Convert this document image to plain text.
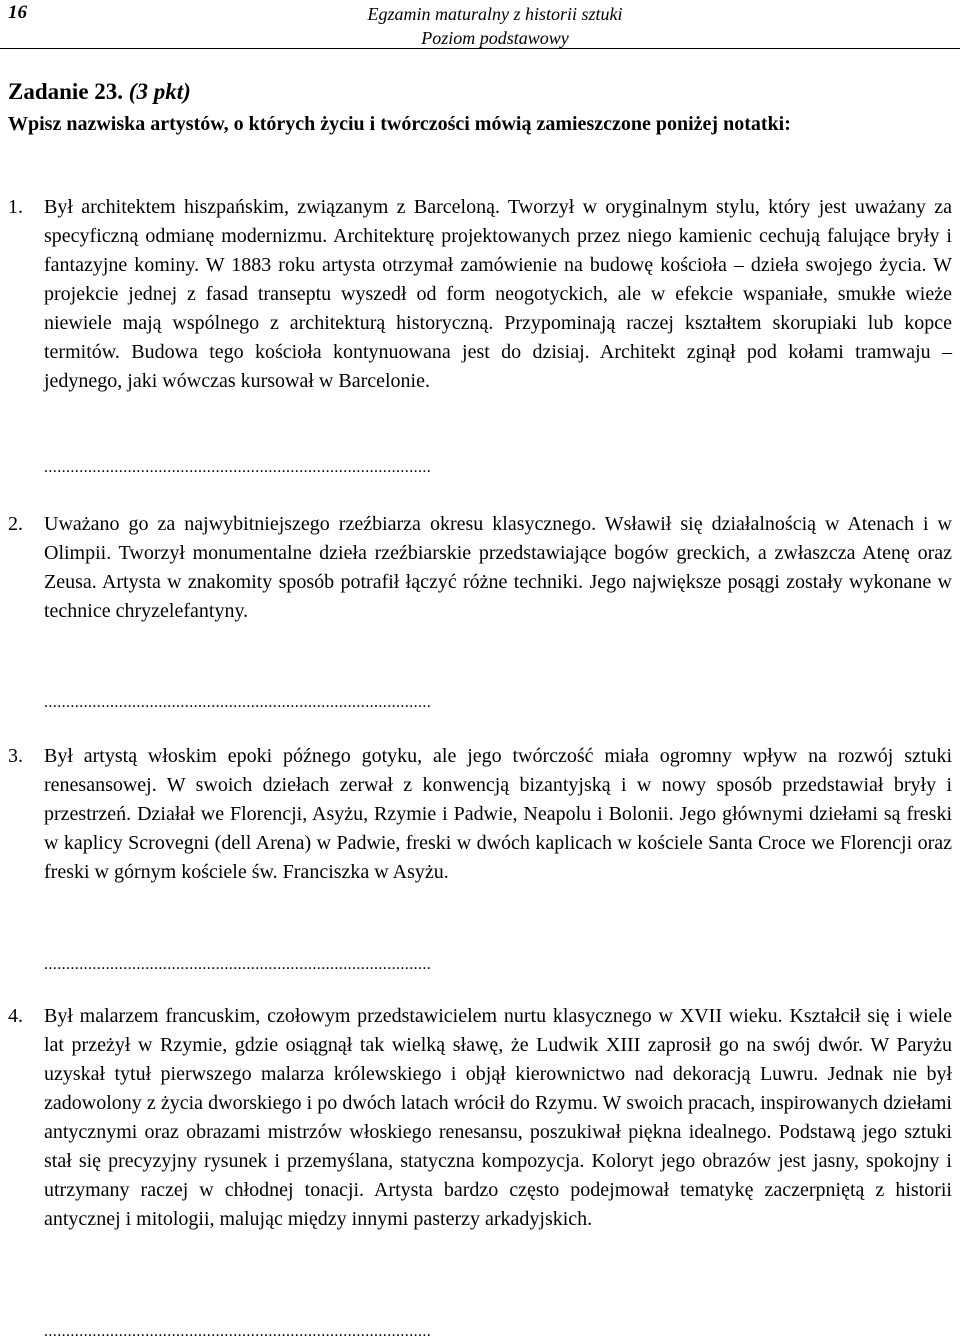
16	Egzamin maturalny z historii sztuki
Poziom podstawowy
Zadanie 23. (3 pkt)
Wpisz nazwiska artystów, o których życiu i twórczości mówią zamieszczone poniżej notatki:
1. Był architektem hiszpańskim, związanym z Barceloną. Tworzył w oryginalnym stylu, który jest uważany za specyficzną odmianę modernizmu. Architekturę projektowanych przez niego kamienic cechują falujące bryły i fantazyjne kominy. W 1883 roku artysta otrzymał zamówienie na budowę kościoła – dzieła swojego życia. W projekcie jednej z fasad transeptu wyszedł od form neogotyckich, ale w efekcie wspaniałe, smukłe wieże niewiele mają wspólnego z architekturą historyczną. Przypominają raczej kształtem skorupiaki lub kopce termitów. Budowa tego kościoła kontynuowana jest do dzisiaj. Architekt zginął pod kołami tramwaju – jedynego, jaki wówczas kursował w Barcelonie.
........................................................................................
2. Uważano go za najwybitniejszego rzeźbiarza okresu klasycznego. Wsławił się działalnością w Atenach i w Olimpii. Tworzył monumentalne dzieła rzeźbiarskie przedstawiające bogów greckich, a zwłaszcza Atenę oraz Zeusa. Artysta w znakomity sposób potrafił łączyć różne techniki. Jego największe posągi zostały wykonane w technice chryzelefantyny.
........................................................................................
3. Był artystą włoskim epoki późnego gotyku, ale jego twórczość miała ogromny wpływ na rozwój sztuki renesansowej. W swoich dziełach zerwał z konwencją bizantyjską i w nowy sposób przedstawiał bryły i przestrzeń. Działał we Florencji, Asyżu, Rzymie i Padwie, Neapolu i Bolonii. Jego głównymi dziełami są freski w kaplicy Scrovegni (dell Arena) w Padwie, freski w dwóch kaplicach w kościele Santa Croce we Florencji oraz freski w górnym kościele św. Franciszka w Asyżu.
........................................................................................
4. Był malarzem francuskim, czołowym przedstawicielem nurtu klasycznego w XVII wieku. Kształcił się i wiele lat przeżył w Rzymie, gdzie osiągnął tak wielką sławę, że Ludwik XIII zaprosił go na swój dwór. W Paryżu uzyskał tytuł pierwszego malarza królewskiego i objął kierownictwo nad dekoracją Luwru. Jednak nie był zadowolony z życia dworskiego i po dwóch latach wrócił do Rzymu. W swoich pracach, inspirowanych dziełami antycznymi oraz obrazami mistrzów włoskiego renesansu, poszukiwał piękna idealnego. Podstawą jego sztuki stał się precyzyjny rysunek i przemyślana, statyczna kompozycja. Koloryt jego obrazów jest jasny, spokojny i utrzymany raczej w chłodnej tonacji. Artysta bardzo często podejmował tematykę zaczerpniętą z historii antycznej i mitologii, malując między innymi pasterzy arkadyjskich.
........................................................................................
